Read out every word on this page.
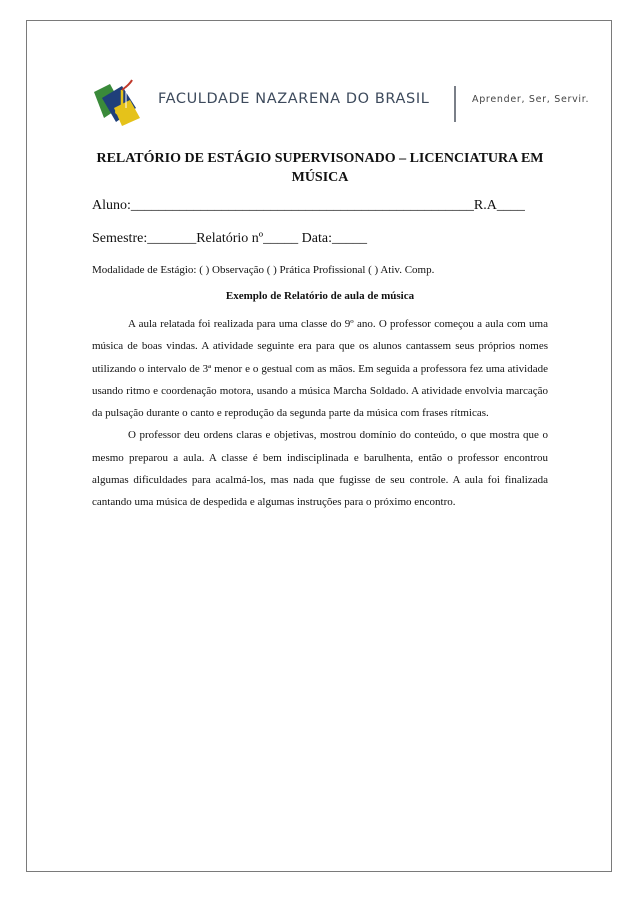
FACULDADE NAZARENA DO BRASIL	Aprender, Ser, Servir.
RELATÓRIO DE ESTÁGIO SUPERVISONADO – LICENCIATURA EM MÚSICA
Aluno:_________________________________________________R.A____
Semestre:_______Relatório nº_____ Data:_____
Modalidade de Estágio: ( ) Observação ( ) Prática Profissional ( ) Ativ. Comp.
Exemplo de Relatório de aula de música

A aula relatada foi realizada para uma classe do 9º ano. O professor começou a aula com uma música de boas vindas. A atividade seguinte era para que os alunos cantassem seus próprios nomes utilizando o intervalo de 3ª menor e o gestual com as mãos. Em seguida a professora fez uma atividade usando ritmo e coordenação motora, usando a música Marcha Soldado. A atividade envolvia marcação da pulsação durante o canto e reprodução da segunda parte da música com frases rítmicas.

O professor deu ordens claras e objetivas, mostrou domínio do conteúdo, o que mostra que o mesmo preparou a aula. A classe é bem indisciplinada e barulhenta, então o professor encontrou algumas dificuldades para acalmá-los, mas nada que fugisse de seu controle. A aula foi finalizada cantando uma música de despedida e algumas instruções para o próximo encontro.
